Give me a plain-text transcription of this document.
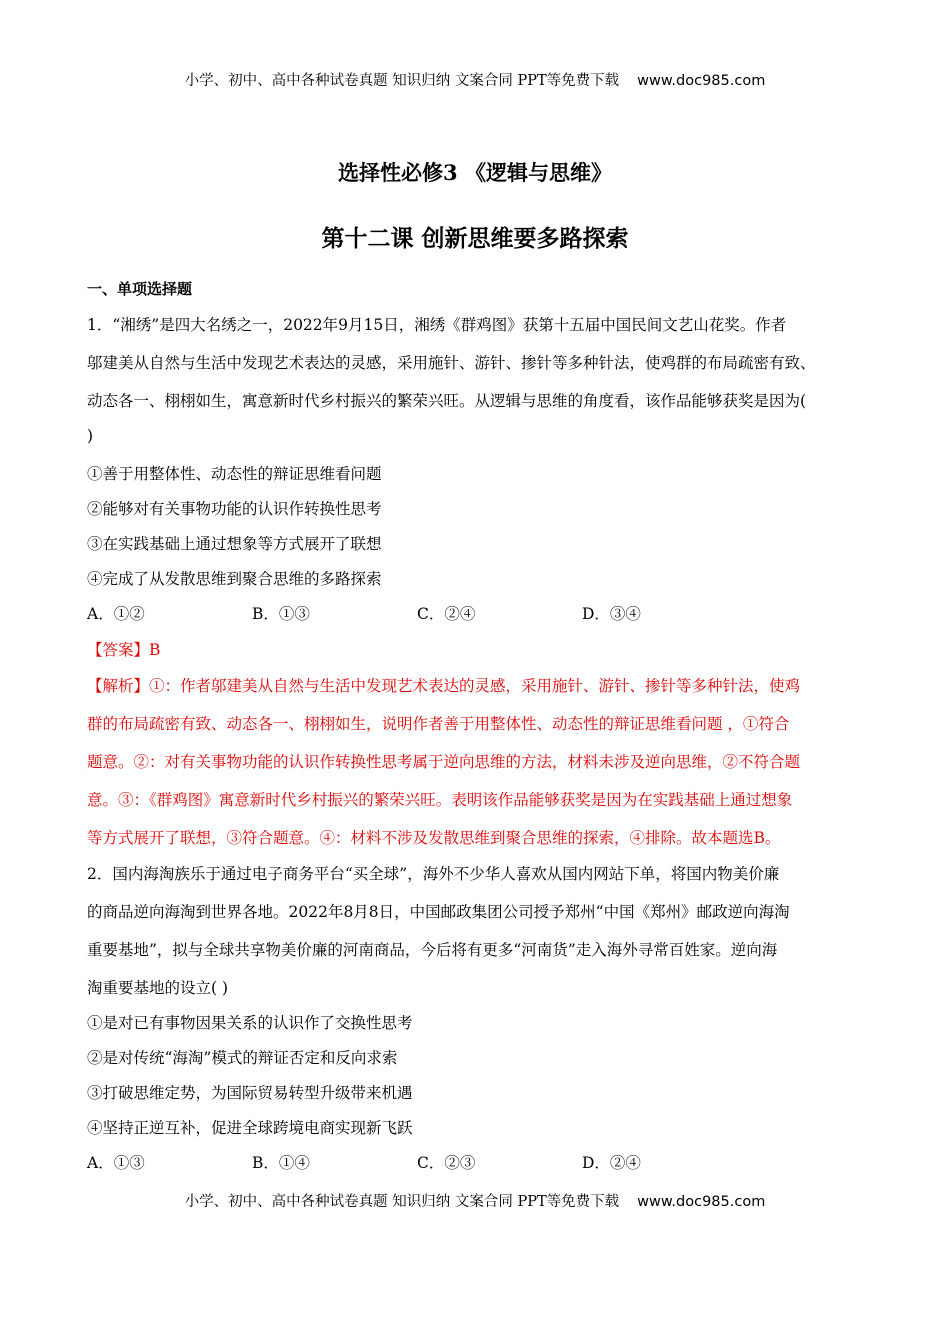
小学、初中、高中各种试卷真题 知识归纳 文案合同 PPT等免费下载 www.doc985.com
选择性必修3 《逻辑与思维》
第十二课 创新思维要多路探索
一、单项选择题
1．“湘绣”是四大名绣之一，2022年9月15日，湘绣《群鸡图》获第十五届中国民间文艺山花奖。作者
邬建美从自然与生活中发现艺术表达的灵感，采用施针、游针、掺针等多种针法，使鸡群的布局疏密有致、
动态各一、栩栩如生，寓意新时代乡村振兴的繁荣兴旺。从逻辑与思维的角度看，该作品能够获奖是因为(
)
①善于用整体性、动态性的辩证思维看问题
②能够对有关事物功能的认识作转换性思考
③在实践基础上通过想象等方式展开了联想
④完成了从发散思维到聚合思维的多路探索
A．①②	B．①③	C．②④	D．③④
【答案】B
【解析】①：作者邬建美从自然与生活中发现艺术表达的灵感，采用施针、游针、掺针等多种针法，使鸡
群的布局疏密有致、动态各一、栩栩如生，说明作者善于用整体性、动态性的辩证思维看问题 ，①符合
题意。②：对有关事物功能的认识作转换性思考属于逆向思维的方法，材料未涉及逆向思维，②不符合题
意。③：《群鸡图》寓意新时代乡村振兴的繁荣兴旺。表明该作品能够获奖是因为在实践基础上通过想象
等方式展开了联想，③符合题意。④：材料不涉及发散思维到聚合思维的探索，④排除。故本题选B。
2．国内海淘族乐于通过电子商务平台“买全球”，海外不少华人喜欢从国内网站下单，将国内物美价廉
的商品逆向海淘到世界各地。2022年8月8日，中国邮政集团公司授予郑州“中国《郑州》邮政逆向海淘
重要基地”，拟与全球共享物美价廉的河南商品，今后将有更多“河南货”走入海外寻常百姓家。逆向海
淘重要基地的设立( )
①是对已有事物因果关系的认识作了交换性思考
②是对传统“海淘”模式的辩证否定和反向求索
③打破思维定势，为国际贸易转型升级带来机遇
④坚持正逆互补，促进全球跨境电商实现新飞跃
A．①③	B．①④	C．②③	D．②④
小学、初中、高中各种试卷真题 知识归纳 文案合同 PPT等免费下载 www.doc985.com
